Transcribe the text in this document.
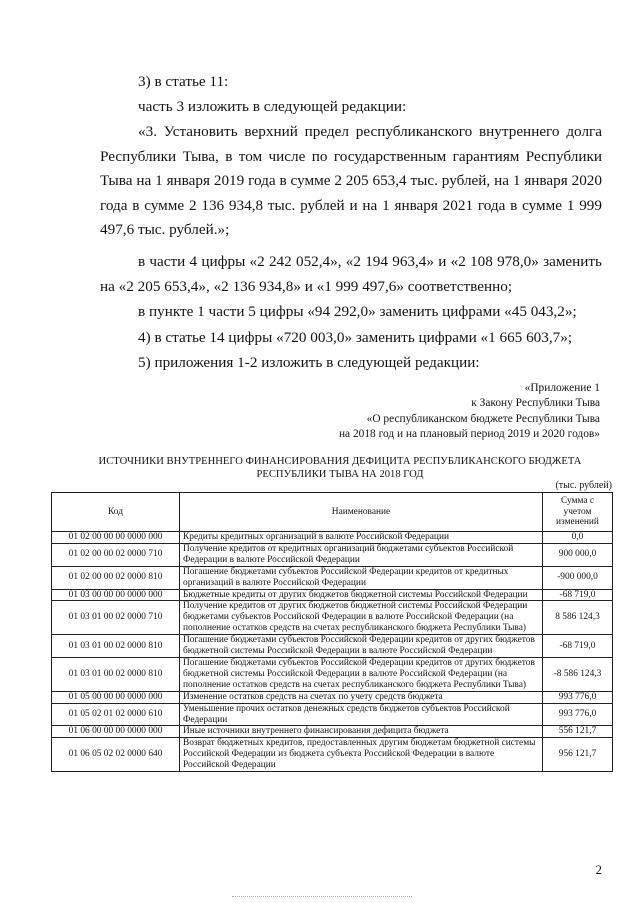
3) в статье 11:

часть 3 изложить в следующей редакции:

«3. Установить верхний предел республиканского внутреннего долга Республики Тыва, в том числе по государственным гарантиям Республики Тыва на 1 января 2019 года в сумме 2 205 653,4 тыс. рублей, на 1 января 2020 года в сумме 2 136 934,8 тыс. рублей и на 1 января 2021 года в сумме 1 999 497,6 тыс. рублей.»;

в части 4 цифры «2 242 052,4», «2 194 963,4» и «2 108 978,0» заменить на «2 205 653,4», «2 136 934,8» и «1 999 497,6» соответственно;

в пункте 1 части 5 цифры «94 292,0» заменить цифрами «45 043,2»;

4) в статье 14 цифры «720 003,0» заменить цифрами «1 665 603,7»;

5) приложения 1-2 изложить в следующей редакции:

«Приложение 1
к Закону Республики Тыва
«О республиканском бюджете Республики Тыва
на 2018 год и на плановый период 2019 и 2020 годов»
ИСТОЧНИКИ ВНУТРЕННЕГО ФИНАНСИРОВАНИЯ ДЕФИЦИТА РЕСПУБЛИКАНСКОГО БЮДЖЕТА
РЕСПУБЛИКИ ТЫВА НА 2018 ГОД
(тыс. рублей)
Код	Наименование	Сумма с учетом изменений
01 02 00 00 00 0000 000	Кредиты кредитных организаций в валюте Российской Федерации	0,0
01 02 00 00 02 0000 710	Получение кредитов от кредитных организаций бюджетами субъектов Российской Федерации в валюте Российской Федерации	900 000,0
01 02 00 00 02 0000 810	Погашение бюджетами субъектов Российской Федерации кредитов от кредитных организаций в валюте Российской Федерации	-900 000,0
01 03 00 00 00 0000 000	Бюджетные кредиты от других бюджетов бюджетной системы Российской Федерации	-68 719,0
01 03 01 00 02 0000 710	Получение кредитов от других бюджетов бюджетной системы Российской Федерации бюджетами субъектов Российской Федерации в валюте Российской Федерации (на пополнение остатков средств на счетах республиканского бюджета Республики Тыва)	8 586 124,3
01 03 01 00 02 0000 810	Погашение бюджетами субъектов Российской Федерации кредитов от других бюджетов бюджетной системы Российской Федерации в валюте Российской Федерации	-68 719,0
01 03 01 00 02 0000 810	Погашение бюджетами субъектов Российской Федерации кредитов от других бюджетов бюджетной системы Российской Федерации в валюте Российской Федерации (на пополнение остатков средств на счетах республиканского бюджета Республики Тыва)	-8 586 124,3
01 05 00 00 00 0000 000	Изменение остатков средств на счетах по учету средств бюджета	993 776,0
01 05 02 01 02 0000 610	Уменьшение прочих остатков денежных средств бюджетов субъектов Российской Федерации	993 776,0
01 06 00 00 00 0000 000	Иные источники внутреннего финансирования дефицита бюджета	556 121,7
01 06 05 02 02 0000 640	Возврат бюджетных кредитов, предоставленных другим бюджетам бюджетной системы Российской Федерации из бюджета субъекта Российской Федерации в валюте Российской Федерации	956 121,7
2
